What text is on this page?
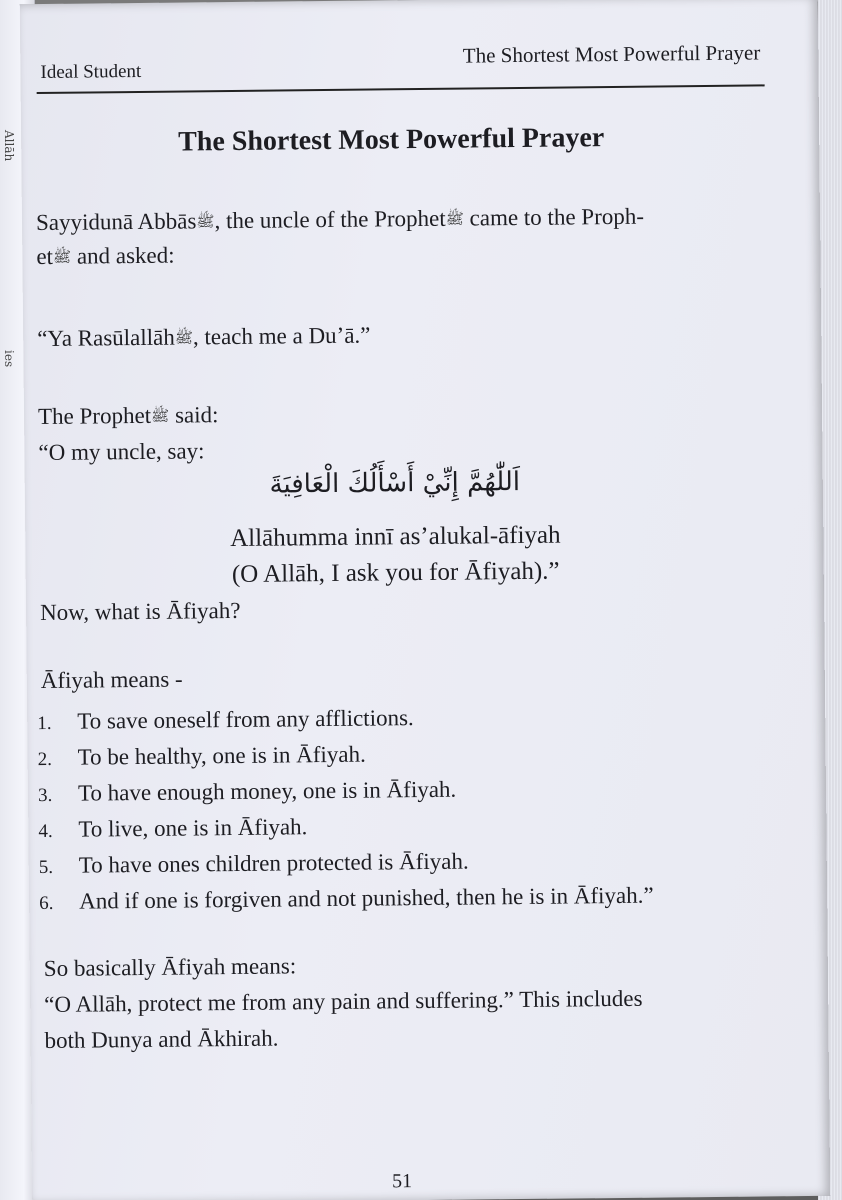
Allāh
ies
Ideal Student
The Shortest Most Powerful Prayer
The Shortest Most Powerful Prayer
Sayyidunā Abbāsﷺ, the uncle of the Prophetﷺ came to the Proph-
etﷺ and asked:
“Ya Rasūlallāhﷺ, teach me a Du’ā.”
The Prophetﷺ said:
“O my uncle, say:
اَللّٰهُمَّ إِنِّيْ أَسْأَلُكَ الْعَافِيَةَ
Allāhumma innī as’alukal-āfiyah
(O Allāh, I ask you for Āfiyah).”
Now, what is Āfiyah?
Āfiyah means -
1. To save oneself from any afflictions.
2. To be healthy, one is in Āfiyah.
3. To have enough money, one is in Āfiyah.
4. To live, one is in Āfiyah.
5. To have ones children protected is Āfiyah.
6. And if one is forgiven and not punished, then he is in Āfiyah.”
So basically Āfiyah means:
“O Allāh, protect me from any pain and suffering.” This includes
both Dunya and Ākhirah.
51
